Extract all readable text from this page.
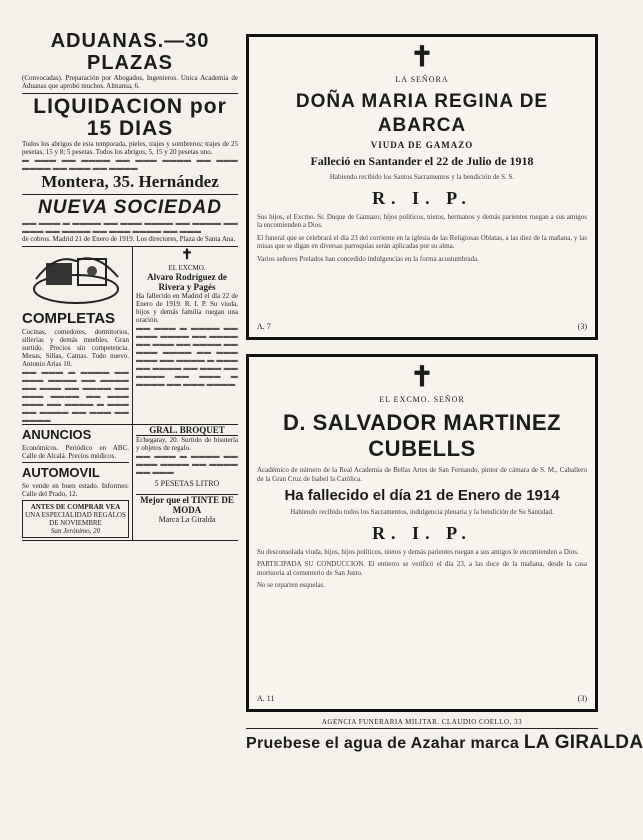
ADUANAS.—30 PLAZAS
(Convocadas). Preparación por Abogados, Ingenieros. Unica Academia de Aduanas que aprobó muchos. Almansa, 6.
LIQUIDACION por 15 DIAS
Todos los abrigos de esta temporada, pieles, trajes y sombreros; trajes de 25 pesetas, 15 y 8; 5 pesetas. Todos los abrigos, 5, 15 y 20 pesetas uno.
▬ ▬▬▬ ▬▬ ▬▬▬▬ ▬▬ ▬▬▬ ▬▬▬▬ ▬▬ ▬▬▬ ▬▬▬▬ ▬▬ ▬▬▬ ▬▬ ▬▬▬▬
Montera, 35. Hernández
NUEVA SOCIEDAD
▬▬ ▬▬▬ ▬ ▬▬▬▬ ▬▬ ▬▬▬ ▬▬▬▬ ▬▬ ▬▬▬▬ ▬▬ ▬▬▬ ▬▬ ▬▬▬▬ ▬▬ ▬▬▬ ▬▬▬▬ ▬▬ ▬▬▬
de cobros. Madrid 21 de Enero de 1919. Los directores, Plaza de Santa Ana.
COMPLETAS
Cocinas, comedores, dormitorios, sillerías y demás muebles. Gran surtido. Precios sin competencia. Mesas, Sillas, Camas. Todo nuevo. Antonio Arias 10.
▬▬ ▬▬▬ ▬ ▬▬▬▬ ▬▬ ▬▬▬ ▬▬▬▬ ▬▬ ▬▬▬▬ ▬▬ ▬▬▬ ▬▬ ▬▬▬▬ ▬▬ ▬▬▬ ▬▬▬▬ ▬▬ ▬▬▬ ▬▬▬ ▬▬ ▬▬▬▬ ▬ ▬▬▬ ▬▬ ▬▬▬▬ ▬▬ ▬▬▬ ▬▬ ▬▬▬▬
✝
EL EXCMO.
Alvaro Rodríguez de Rivera y Pagés
Ha fallecido en Madrid el día 22 de Enero de 1919. R. I. P. Su viuda, hijos y demás familia ruegan una oración.
▬▬ ▬▬▬ ▬ ▬▬▬▬ ▬▬ ▬▬▬ ▬▬▬▬ ▬▬ ▬▬▬▬ ▬▬ ▬▬▬ ▬▬ ▬▬▬▬ ▬▬ ▬▬▬ ▬▬▬▬ ▬▬ ▬▬▬ ▬▬▬ ▬▬ ▬▬▬▬ ▬ ▬▬▬ ▬▬ ▬▬▬▬ ▬▬ ▬▬▬ ▬▬ ▬▬▬▬ ▬▬ ▬▬▬ ▬ ▬▬▬▬ ▬▬ ▬▬▬ ▬▬▬▬
ANUNCIOS
Económicos. Periódico en ABC. Calle de Alcalá. Precios módicos.
AUTOMOVIL
Se vende en buen estado. Informes: Calle del Prado, 12.
ANTES DE COMPRAR VEA
UNA ESPECIALIDAD REGALOS DE NOVIEMBRE
San Jerónimo, 20
GRAL. BROQUET
Echegaray, 20. Surtido de bisutería y objetos de regalo.
▬▬ ▬▬▬ ▬ ▬▬▬▬ ▬▬ ▬▬▬ ▬▬▬▬ ▬▬ ▬▬▬▬ ▬▬ ▬▬▬
5 PESETAS LITRO
Mejor que el TINTE DE MODA
Marca La Giralda
✝
LA SEÑORA
DOÑA MARIA REGINA DE ABARCA
VIUDA DE GAMAZO
Falleció en Santander el 22 de Julio de 1918
Habiendo recibido los Santos Sacramentos y la bendición de S. S.
R. I. P.
Sus hijos, el Excmo. Sr. Duque de Gamazo; hijos políticos, nietos, hermanos y demás parientes ruegan a sus amigos la encomienden a Dios.
El funeral que se celebrará el día 23 del corriente en la iglesia de las Religiosas Oblatas, a las diez de la mañana, y las misas que se digan en diversas parroquias serán aplicadas por su alma.
Varios señores Prelados han concedido indulgencias en la forma acostumbrada.
A. 7	(3)
✝
EL EXCMO. SEÑOR
D. SALVADOR MARTINEZ CUBELLS
Académico de número de la Real Academia de Bellas Artes de San Fernando, pintor de cámara de S. M., Caballero de la Gran Cruz de Isabel la Católica.
Ha fallecido el día 21 de Enero de 1914
Habiendo recibido todos los Sacramentos, indulgencia plenaria y la bendición de Su Santidad.
R. I. P.
Su desconsolada viuda, hijos, hijos políticos, nietos y demás parientes ruegan a sus amigos le encomienden a Dios.
PARTICIPADA SU CONDUCCION. El entierro se verificó el día 23, a las doce de la mañana, desde la casa mortuoria al cementerio de San Justo.
No se reparten esquelas.
A. 11	(3)
AGENCIA FUNERARIA MILITAR. CLAUDIO COELLO, 33
Pruebese el agua de Azahar marca LA GIRALDA
